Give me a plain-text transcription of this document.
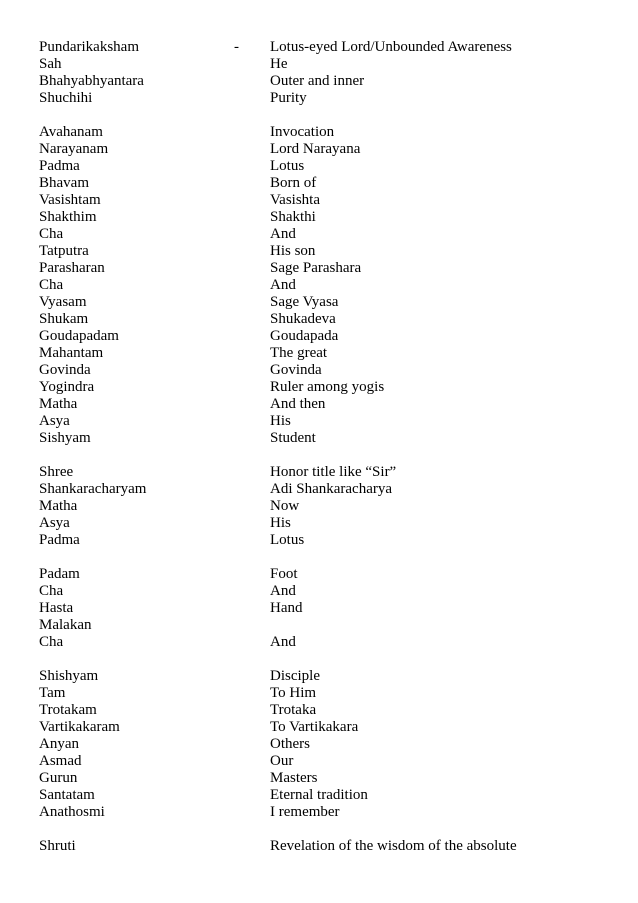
Pundarikaksham	- Lotus-eyed Lord/Unbounded Awareness
Sah	He
Bhahyabhyantara	Outer and inner
Shuchihi	Purity
Avahanam	Invocation
Narayanam	Lord Narayana
Padma	Lotus
Bhavam	Born of
Vasishtam	Vasishta
Shakthim	Shakthi
Cha	And
Tatputra	His son
Parasharan	Sage Parashara
Cha	And
Vyasam	Sage Vyasa
Shukam	Shukadeva
Goudapadam	Goudapada
Mahantam	The great
Govinda	Govinda
Yogindra	Ruler among yogis
Matha	And then
Asya	His
Sishyam	Student
Shree	Honor title like “Sir”
Shankaracharyam	Adi Shankaracharya
Matha	Now
Asya	His
Padma	Lotus
Padam	Foot
Cha	And
Hasta	Hand
Malakan
Cha	And
Shishyam	Disciple
Tam	To Him
Trotakam	Trotaka
Vartikakaram	To Vartikakara
Anyan	Others
Asmad	Our
Gurun	Masters
Santatam	Eternal tradition
Anathosmi	I remember
Shruti	Revelation of the wisdom of the absolute
